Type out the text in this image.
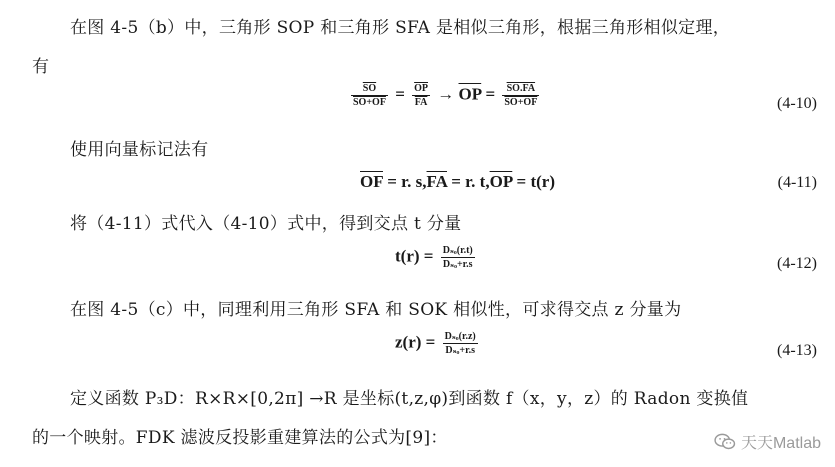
在图 4-5（b）中，三角形 SOP 和三角形 SFA 是相似三角形，根据三角形相似定理，
有
$\frac{\overline{SO}}{SO+OF} = \frac{\overline{OP}}{FA} \to \overline{OP} = \frac{SO.FA}{SO+OF}$	(4-10)
使用向量标记法有
$\overline{OF} = r$. $s,\overline{FA} = r$. $t,\overline{OP} = t(r)$	(4-11)
将（4-11）式代入（4-10）式中，得到交点 t 分量
$t(r) = \frac{\text{Dₛₒ(r.t)}}{\text{Dₛₒ+r.s}}$	(4-12)
在图 4-5（c）中，同理利用三角形 SFA 和 SOK 相似性，可求得交点 z 分量为
$z(r) = \frac{\text{Dₛₒ(r.z)}}{\text{Dₛₒ+r.s}}$	(4-13)
定义函数 P₃D：R×R×[0,2π] →R 是坐标(t,z,φ)到函数 f（x，y，z）的 Radon 变换值
的一个映射。FDK 滤波反投影重建算法的公式为[9]：	天天Matlab
